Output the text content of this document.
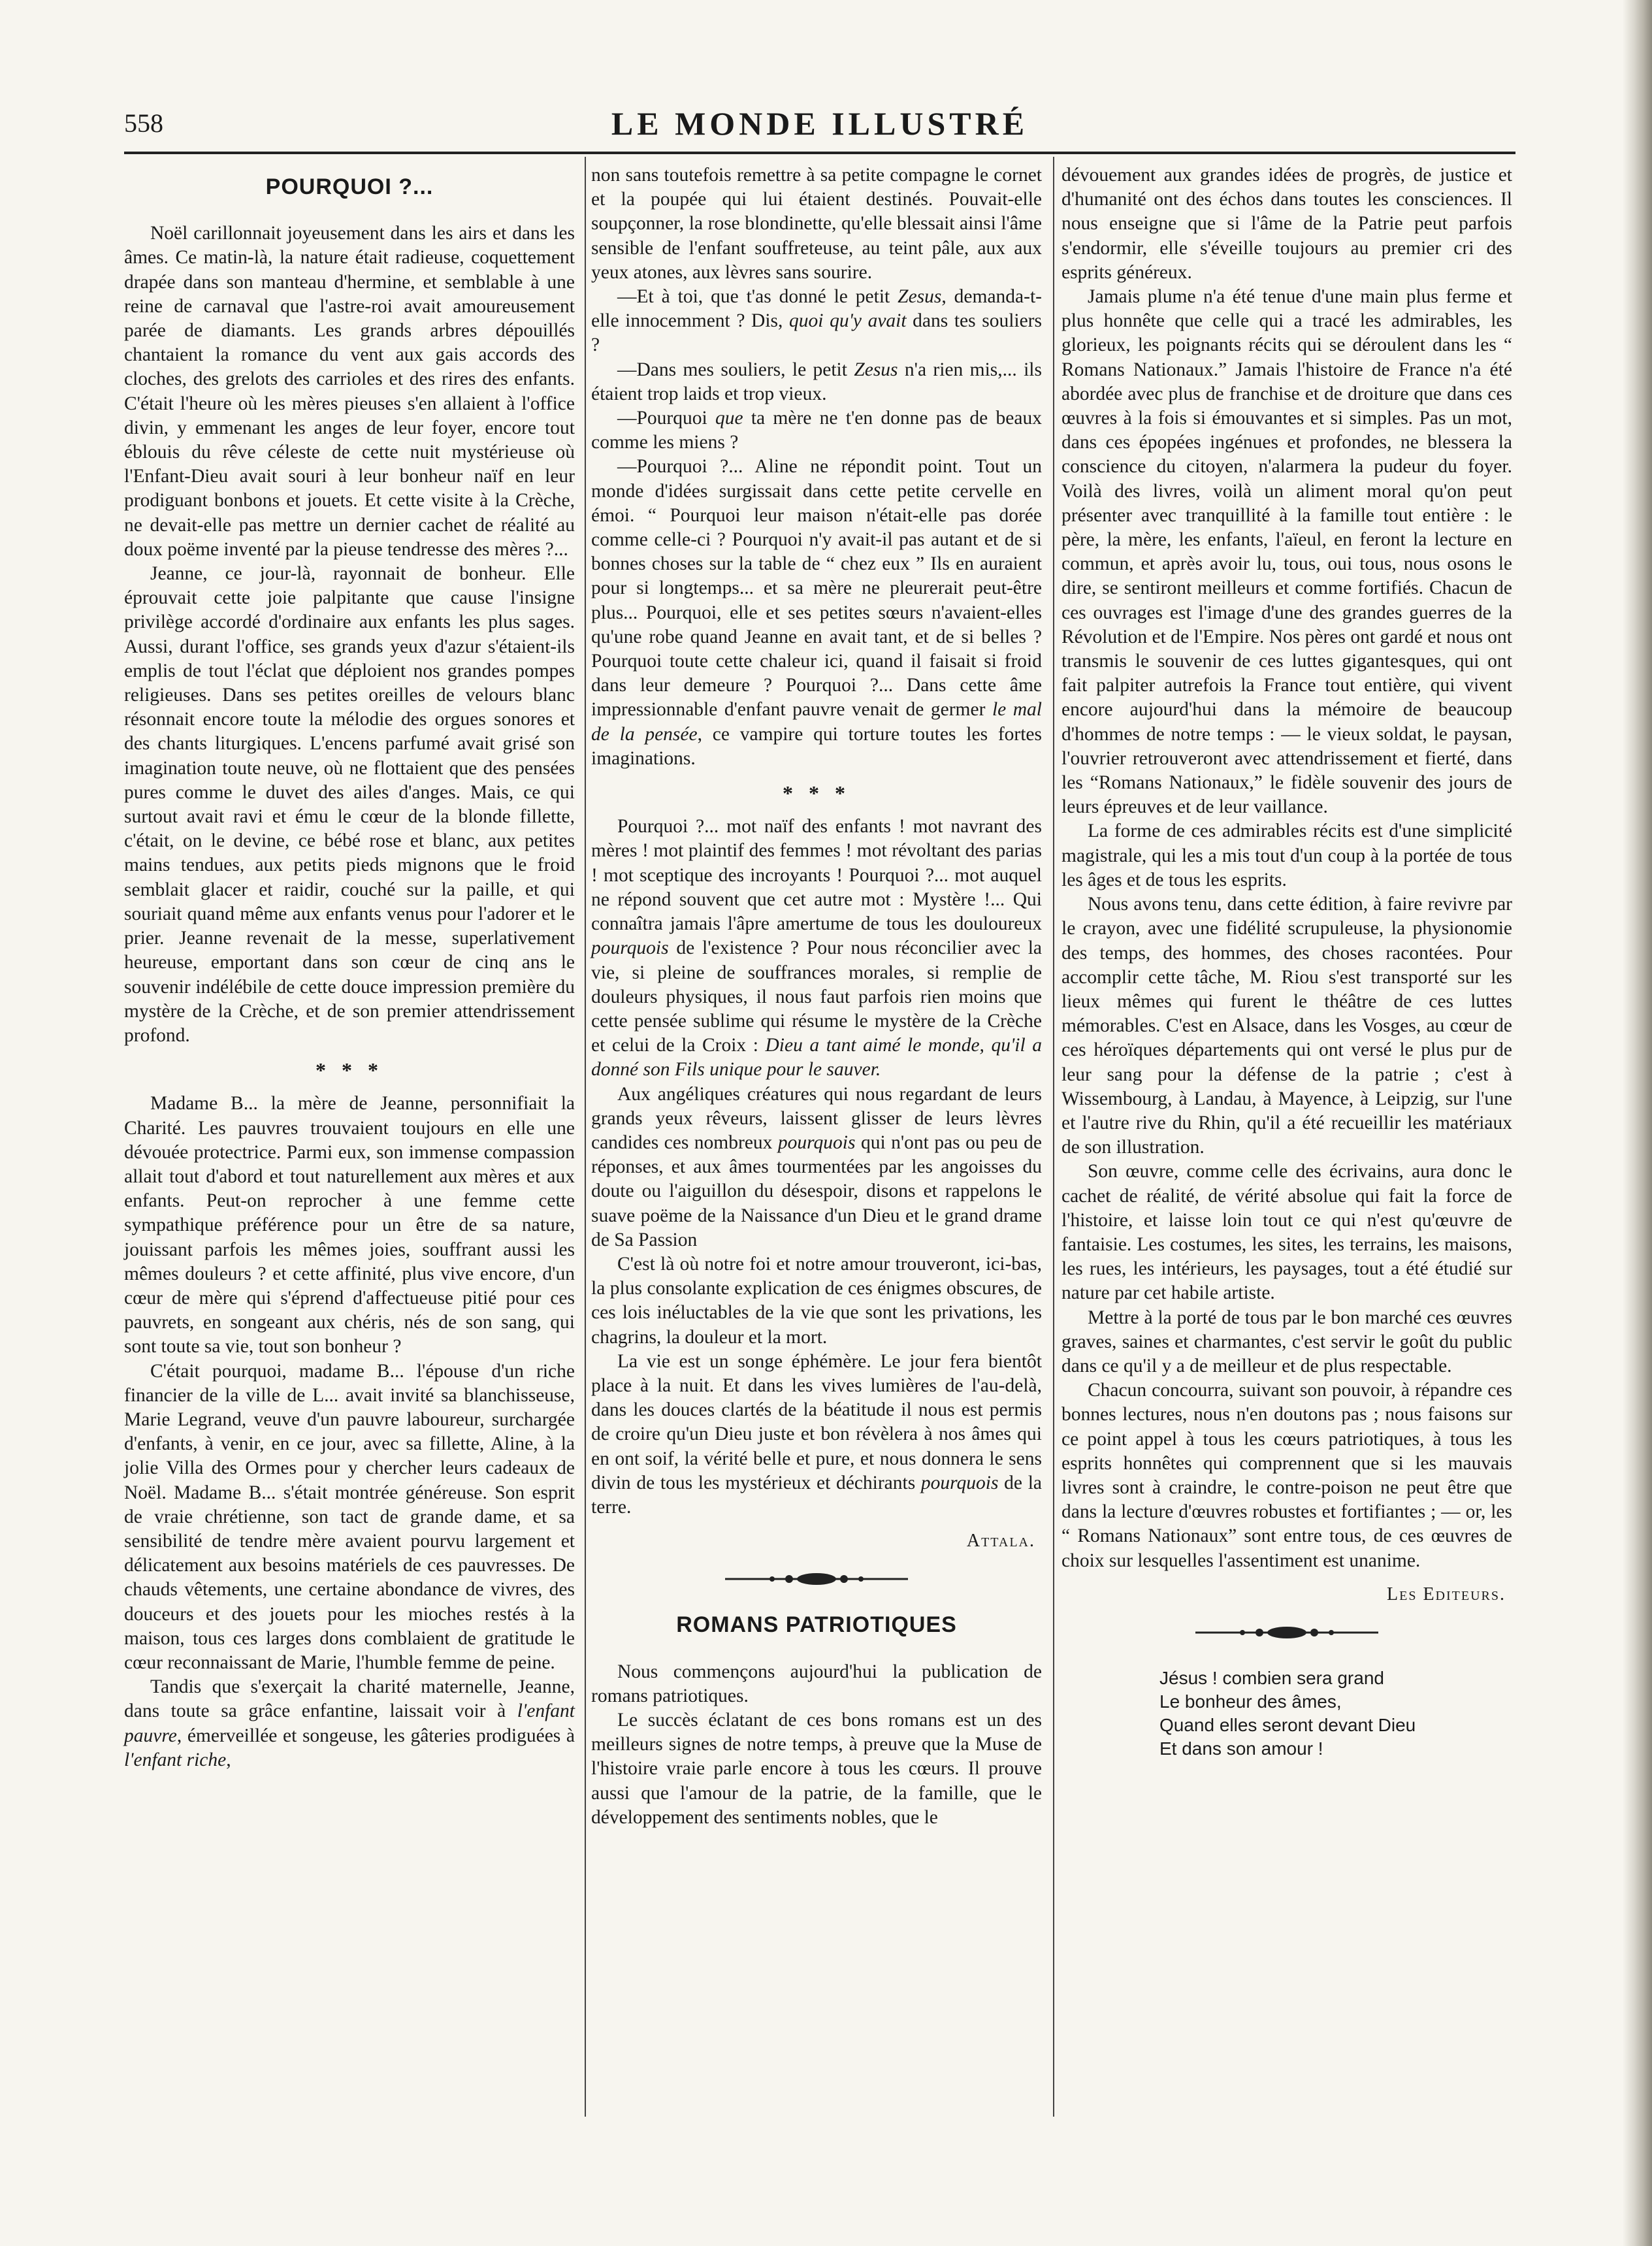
558	LE MONDE ILLUSTRÉ
POURQUOI ?...

Noël carillonnait joyeusement dans les airs et dans les âmes. Ce matin-là, la nature était radieuse, coquettement drapée dans son manteau d'hermine, et semblable à une reine de carnaval que l'astre-roi avait amoureusement parée de diamants. Les grands arbres dépouillés chantaient la romance du vent aux gais accords des cloches, des grelots des carrioles et des rires des enfants. C'était l'heure où les mères pieuses s'en allaient à l'office divin, y emmenant les anges de leur foyer, encore tout éblouis du rêve céleste de cette nuit mystérieuse où l'Enfant-Dieu avait souri à leur bonheur naïf en leur prodiguant bonbons et jouets. Et cette visite à la Crèche, ne devait-elle pas mettre un dernier cachet de réalité au doux poëme inventé par la pieuse tendresse des mères ?...

Jeanne, ce jour-là, rayonnait de bonheur. Elle éprouvait cette joie palpitante que cause l'insigne privilège accordé d'ordinaire aux enfants les plus sages. Aussi, durant l'office, ses grands yeux d'azur s'étaient-ils emplis de tout l'éclat que déploient nos grandes pompes religieuses. Dans ses petites oreilles de velours blanc résonnait encore toute la mélodie des orgues sonores et des chants liturgiques. L'encens parfumé avait grisé son imagination toute neuve, où ne flottaient que des pensées pures comme le duvet des ailes d'anges. Mais, ce qui surtout avait ravi et ému le cœur de la blonde fillette, c'était, on le devine, ce bébé rose et blanc, aux petites mains tendues, aux petits pieds mignons que le froid semblait glacer et raidir, couché sur la paille, et qui souriait quand même aux enfants venus pour l'adorer et le prier. Jeanne revenait de la messe, superlativement heureuse, emportant dans son cœur de cinq ans le souvenir indélébile de cette douce impression première du mystère de la Crèche, et de son premier attendrissement profond.

* * *

Madame B... la mère de Jeanne, personnifiait la Charité. Les pauvres trouvaient toujours en elle une dévouée protectrice. Parmi eux, son immense compassion allait tout d'abord et tout naturellement aux mères et aux enfants. Peut-on reprocher à une femme cette sympathique préférence pour un être de sa nature, jouissant parfois les mêmes joies, souffrant aussi les mêmes douleurs ? et cette affinité, plus vive encore, d'un cœur de mère qui s'éprend d'affectueuse pitié pour ces pauvrets, en songeant aux chéris, nés de son sang, qui sont toute sa vie, tout son bonheur ?

C'était pourquoi, madame B... l'épouse d'un riche financier de la ville de L... avait invité sa blanchisseuse, Marie Legrand, veuve d'un pauvre laboureur, surchargée d'enfants, à venir, en ce jour, avec sa fillette, Aline, à la jolie Villa des Ormes pour y chercher leurs cadeaux de Noël. Madame B... s'était montrée généreuse. Son esprit de vraie chrétienne, son tact de grande dame, et sa sensibilité de tendre mère avaient pourvu largement et délicatement aux besoins matériels de ces pauvresses. De chauds vêtements, une certaine abondance de vivres, des douceurs et des jouets pour les mioches restés à la maison, tous ces larges dons comblaient de gratitude le cœur reconnaissant de Marie, l'humble femme de peine.

Tandis que s'exerçait la charité maternelle, Jeanne, dans toute sa grâce enfantine, laissait voir à l'enfant pauvre, émerveillée et songeuse, les gâteries prodiguées à l'enfant riche,

non sans toutefois remettre à sa petite compagne le cornet et la poupée qui lui étaient destinés. Pouvait-elle soupçonner, la rose blondinette, qu'elle blessait ainsi l'âme sensible de l'enfant souffreteuse, au teint pâle, aux aux yeux atones, aux lèvres sans sourire.

—Et à toi, que t'as donné le petit Zesus, demanda-t-elle innocemment ? Dis, quoi qu'y avait dans tes souliers ?

—Dans mes souliers, le petit Zesus n'a rien mis,... ils étaient trop laids et trop vieux.

—Pourquoi que ta mère ne t'en donne pas de beaux comme les miens ?

—Pourquoi ?... Aline ne répondit point. Tout un monde d'idées surgissait dans cette petite cervelle en émoi. “ Pourquoi leur maison n'était-elle pas dorée comme celle-ci ? Pourquoi n'y avait-il pas autant et de si bonnes choses sur la table de “ chez eux ” Ils en auraient pour si longtemps... et sa mère ne pleurerait peut-être plus... Pourquoi, elle et ses petites sœurs n'avaient-elles qu'une robe quand Jeanne en avait tant, et de si belles ? Pourquoi toute cette chaleur ici, quand il faisait si froid dans leur demeure ? Pourquoi ?... Dans cette âme impressionnable d'enfant pauvre venait de germer le mal de la pensée, ce vampire qui torture toutes les fortes imaginations.

* * *

Pourquoi ?... mot naïf des enfants ! mot navrant des mères ! mot plaintif des femmes ! mot révoltant des parias ! mot sceptique des incroyants ! Pourquoi ?... mot auquel ne répond souvent que cet autre mot : Mystère !... Qui connaîtra jamais l'âpre amertume de tous les douloureux pourquois de l'existence ? Pour nous réconcilier avec la vie, si pleine de souffrances morales, si remplie de douleurs physiques, il nous faut parfois rien moins que cette pensée sublime qui résume le mystère de la Crèche et celui de la Croix : Dieu a tant aimé le monde, qu'il a donné son Fils unique pour le sauver.

Aux angéliques créatures qui nous regardant de leurs grands yeux rêveurs, laissent glisser de leurs lèvres candides ces nombreux pourquois qui n'ont pas ou peu de réponses, et aux âmes tourmentées par les angoisses du doute ou l'aiguillon du désespoir, disons et rappelons le suave poëme de la Naissance d'un Dieu et le grand drame de Sa Passion

C'est là où notre foi et notre amour trouveront, ici-bas, la plus consolante explication de ces énigmes obscures, de ces lois inéluctables de la vie que sont les privations, les chagrins, la douleur et la mort.

La vie est un songe éphémère. Le jour fera bientôt place à la nuit. Et dans les vives lumières de l'au-delà, dans les douces clartés de la béatitude il nous est permis de croire qu'un Dieu juste et bon révèlera à nos âmes qui en ont soif, la vérité belle et pure, et nous donnera le sens divin de tous les mystérieux et déchirants pourquois de la terre.

Attala.
ROMANS PATRIOTIQUES

Nous commençons aujourd'hui la publication de romans patriotiques.

Le succès éclatant de ces bons romans est un des meilleurs signes de notre temps, à preuve que la Muse de l'histoire vraie parle encore à tous les cœurs. Il prouve aussi que l'amour de la patrie, de la famille, que le développement des sentiments nobles, que le

dévouement aux grandes idées de progrès, de justice et d'humanité ont des échos dans toutes les consciences. Il nous enseigne que si l'âme de la Patrie peut parfois s'endormir, elle s'éveille toujours au premier cri des esprits généreux.

Jamais plume n'a été tenue d'une main plus ferme et plus honnête que celle qui a tracé les admirables, les glorieux, les poignants récits qui se déroulent dans les “ Romans Nationaux.” Jamais l'histoire de France n'a été abordée avec plus de franchise et de droiture que dans ces œuvres à la fois si émouvantes et si simples. Pas un mot, dans ces épopées ingénues et profondes, ne blessera la conscience du citoyen, n'alarmera la pudeur du foyer. Voilà des livres, voilà un aliment moral qu'on peut présenter avec tranquillité à la famille tout entière : le père, la mère, les enfants, l'aïeul, en feront la lecture en commun, et après avoir lu, tous, oui tous, nous osons le dire, se sentiront meilleurs et comme fortifiés. Chacun de ces ouvrages est l'image d'une des grandes guerres de la Révolution et de l'Empire. Nos pères ont gardé et nous ont transmis le souvenir de ces luttes gigantesques, qui ont fait palpiter autrefois la France tout entière, qui vivent encore aujourd'hui dans la mémoire de beaucoup d'hommes de notre temps : — le vieux soldat, le paysan, l'ouvrier retrouveront avec attendrissement et fierté, dans les “Romans Nationaux,” le fidèle souvenir des jours de leurs épreuves et de leur vaillance.

La forme de ces admirables récits est d'une simplicité magistrale, qui les a mis tout d'un coup à la portée de tous les âges et de tous les esprits.

Nous avons tenu, dans cette édition, à faire revivre par le crayon, avec une fidélité scrupuleuse, la physionomie des temps, des hommes, des choses racontées. Pour accomplir cette tâche, M. Riou s'est transporté sur les lieux mêmes qui furent le théâtre de ces luttes mémorables. C'est en Alsace, dans les Vosges, au cœur de ces héroïques départements qui ont versé le plus pur de leur sang pour la défense de la patrie ; c'est à Wissembourg, à Landau, à Mayence, à Leipzig, sur l'une et l'autre rive du Rhin, qu'il a été recueillir les matériaux de son illustration.

Son œuvre, comme celle des écrivains, aura donc le cachet de réalité, de vérité absolue qui fait la force de l'histoire, et laisse loin tout ce qui n'est qu'œuvre de fantaisie. Les costumes, les sites, les terrains, les maisons, les rues, les intérieurs, les paysages, tout a été étudié sur nature par cet habile artiste.

Mettre à la porté de tous par le bon marché ces œuvres graves, saines et charmantes, c'est servir le goût du public dans ce qu'il y a de meilleur et de plus respectable.

Chacun concourra, suivant son pouvoir, à répandre ces bonnes lectures, nous n'en doutons pas ; nous faisons sur ce point appel à tous les cœurs patriotiques, à tous les esprits honnêtes qui comprennent que si les mauvais livres sont à craindre, le contre-poison ne peut être que dans la lecture d'œuvres robustes et fortifiantes ; — or, les “ Romans Nationaux” sont entre tous, de ces œuvres de choix sur lesquelles l'assentiment est unanime.

Les Editeurs.
Jésus ! combien sera grand
Le bonheur des âmes,
Quand elles seront devant Dieu
Et dans son amour !
